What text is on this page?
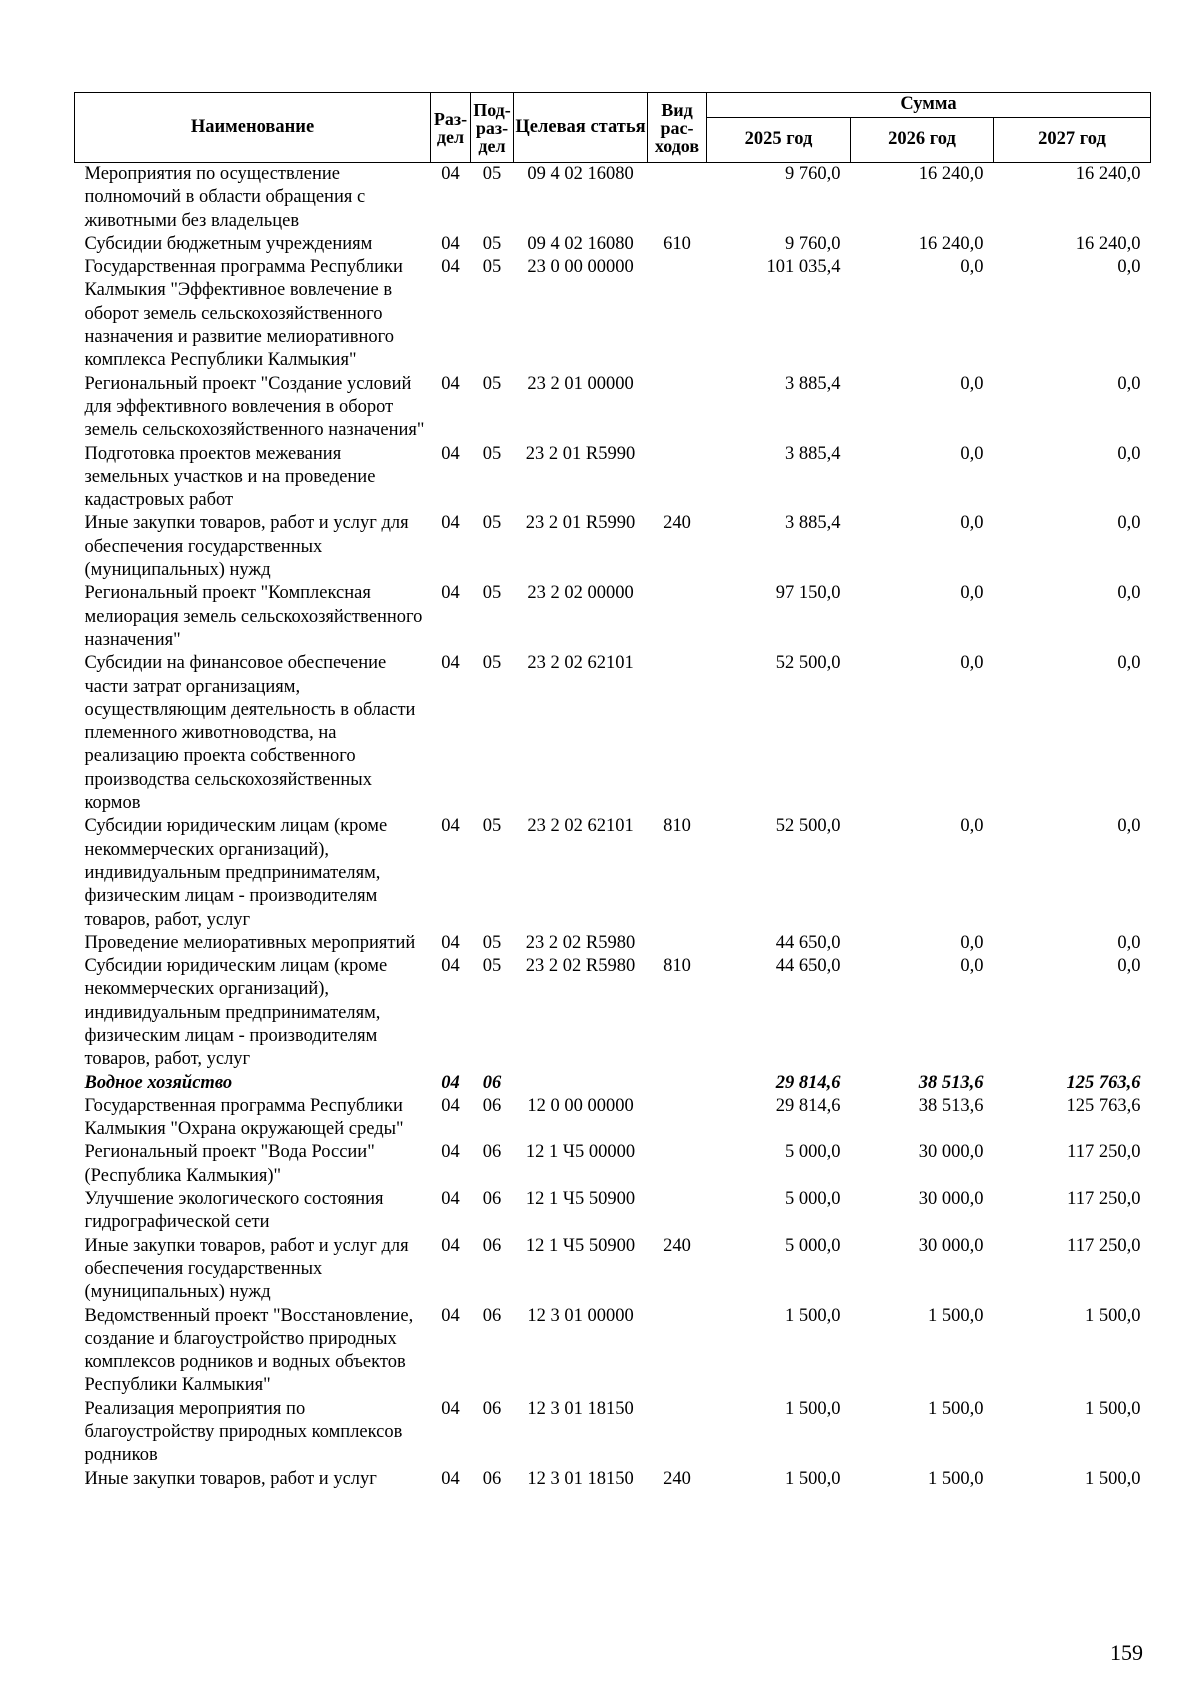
Наименование	Раз-дел	Под-раз-дел	Целевая статья	Вид рас-ходов	Сумма		
					2025 год	2026 год	2027 год
Мероприятия по осуществление полномочий в области обращения с животными без владельцев	04	05	09 4 02 16080		9 760,0	16 240,0	16 240,0
Субсидии бюджетным учреждениям	04	05	09 4 02 16080	610	9 760,0	16 240,0	16 240,0
Государственная программа Республики Калмыкия "Эффективное вовлечение в оборот земель сельскохозяйственного назначения и развитие мелиоративного комплекса Республики Калмыкия"	04	05	23 0 00 00000		101 035,4	0,0	0,0
Региональный проект "Создание условий для эффективного вовлечения в оборот земель сельскохозяйственного назначения"	04	05	23 2 01 00000		3 885,4	0,0	0,0
Подготовка проектов межевания земельных участков и на проведение кадастровых работ	04	05	23 2 01 R5990		3 885,4	0,0	0,0
Иные закупки товаров, работ и услуг для обеспечения государственных (муниципальных) нужд	04	05	23 2 01 R5990	240	3 885,4	0,0	0,0
Региональный проект "Комплексная мелиорация земель сельскохозяйственного назначения"	04	05	23 2 02 00000		97 150,0	0,0	0,0
Субсидии на финансовое обеспечение части затрат организациям, осуществляющим деятельность в области племенного животноводства, на реализацию проекта собственного производства сельскохозяйственных кормов	04	05	23 2 02 62101		52 500,0	0,0	0,0
Субсидии юридическим лицам (кроме некоммерческих организаций), индивидуальным предпринимателям, физическим лицам - производителям товаров, работ, услуг	04	05	23 2 02 62101	810	52 500,0	0,0	0,0
Проведение мелиоративных мероприятий	04	05	23 2 02 R5980		44 650,0	0,0	0,0
Субсидии юридическим лицам (кроме некоммерческих организаций), индивидуальным предпринимателям, физическим лицам - производителям товаров, работ, услуг	04	05	23 2 02 R5980	810	44 650,0	0,0	0,0
Водное хозяйство	04	06			29 814,6	38 513,6	125 763,6
Государственная программа Республики Калмыкия "Охрана окружающей среды"	04	06	12 0 00 00000		29 814,6	38 513,6	125 763,6
Региональный проект "Вода России" (Республика Калмыкия)"	04	06	12 1 Ч5 00000		5 000,0	30 000,0	117 250,0
Улучшение экологического состояния гидрографической сети	04	06	12 1 Ч5 50900		5 000,0	30 000,0	117 250,0
Иные закупки товаров, работ и услуг для обеспечения государственных (муниципальных) нужд	04	06	12 1 Ч5 50900	240	5 000,0	30 000,0	117 250,0
Ведомственный проект "Восстановление, создание и благоустройство природных комплексов родников и водных объектов Республики Калмыкия"	04	06	12 3 01 00000		1 500,0	1 500,0	1 500,0
Реализация мероприятия по благоустройству природных комплексов родников	04	06	12 3 01 18150		1 500,0	1 500,0	1 500,0
Иные закупки товаров, работ и услуг	04	06	12 3 01 18150	240	1 500,0	1 500,0	1 500,0
159
